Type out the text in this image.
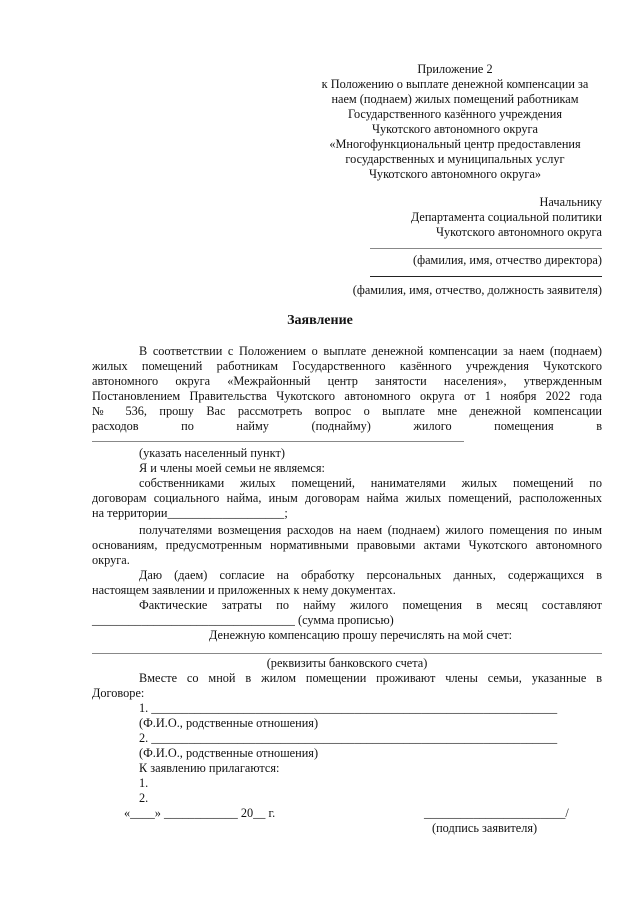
Приложение 2
к Положению о выплате денежной компенсации за
наем (поднаем) жилых помещений работникам
Государственного казённого учреждения
Чукотского автономного округа
«Многофункциональный центр предоставления
государственных и муниципальных услуг
Чукотского автономного округа»
Начальнику
Департамента социальной политики
Чукотского автономного округа
(фамилия, имя, отчество директора)
(фамилия, имя, отчество, должность заявителя)
Заявление
В соответствии с Положением о выплате денежной компенсации за наем (поднаем)
жилых помещений работникам Государственного казённого учреждения Чукотского
автономного округа «Межрайонный центр занятости населения», утвержденным
Постановлением Правительства Чукотского автономного округа от 1 ноября 2022 года
№ 536, прошу Вас рассмотреть вопрос о выплате мне денежной компенсации
расходов по найму (поднайму) жилого помещения в
(указать населенный пункт)
Я и члены моей семьи не являемся:
собственниками жилых помещений, нанимателями жилых помещений по
договорам социального найма, иным договорам найма жилых помещений, расположенных
на территории___________________;
получателями возмещения расходов на наем (поднаем) жилого помещения по иным
основаниям, предусмотренным нормативными правовыми актами Чукотского автономного
округа.
Даю (даем) согласие на обработку персональных данных, содержащихся в
настоящем заявлении и приложенных к нему документах.
Фактические затраты по найму жилого помещения в месяц составляют
_________________________________ (сумма прописью)
Денежную компенсацию прошу перечислять на мой счет:
(реквизиты банковского счета)
Вместе со мной в жилом помещении проживают члены семьи, указанные в
Договоре:
1. __________________________________________________________________
(Ф.И.О., родственные отношения)
2. __________________________________________________________________
(Ф.И.О., родственные отношения)
К заявлению прилагаются:
1.
2.
«____» ____________ 20__ г.	_______________________/
(подпись заявителя)
